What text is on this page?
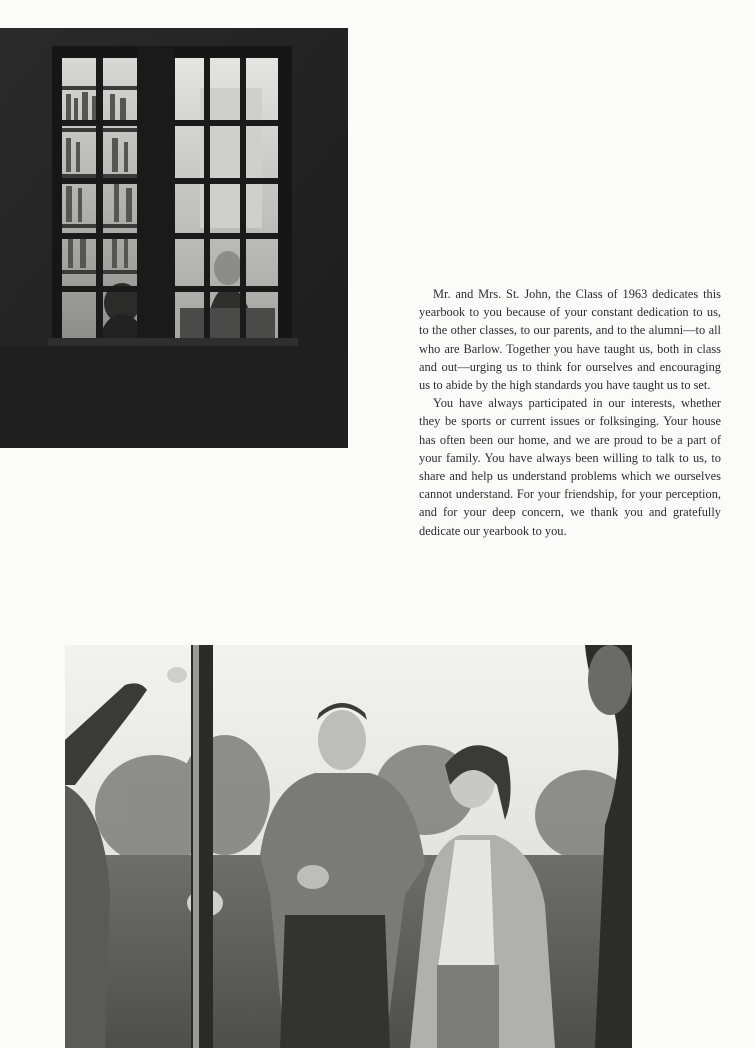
Mr. and Mrs. St. John, the Class of 1963 dedicates this yearbook to you because of your constant dedication to us, to the other classes, to our parents, and to the alumni—to all who are Barlow. Together you have taught us, both in class and out—urging us to think for ourselves and encouraging us to abide by the high standards you have taught us to set.

You have always participated in our interests, whether they be sports or current issues or folksinging. Your house has often been our home, and we are proud to be a part of your family. You have always been willing to talk to us, to share and help us understand problems which we ourselves cannot understand. For your friendship, for your perception, and for your deep concern, we thank you and gratefully dedicate our yearbook to you.
